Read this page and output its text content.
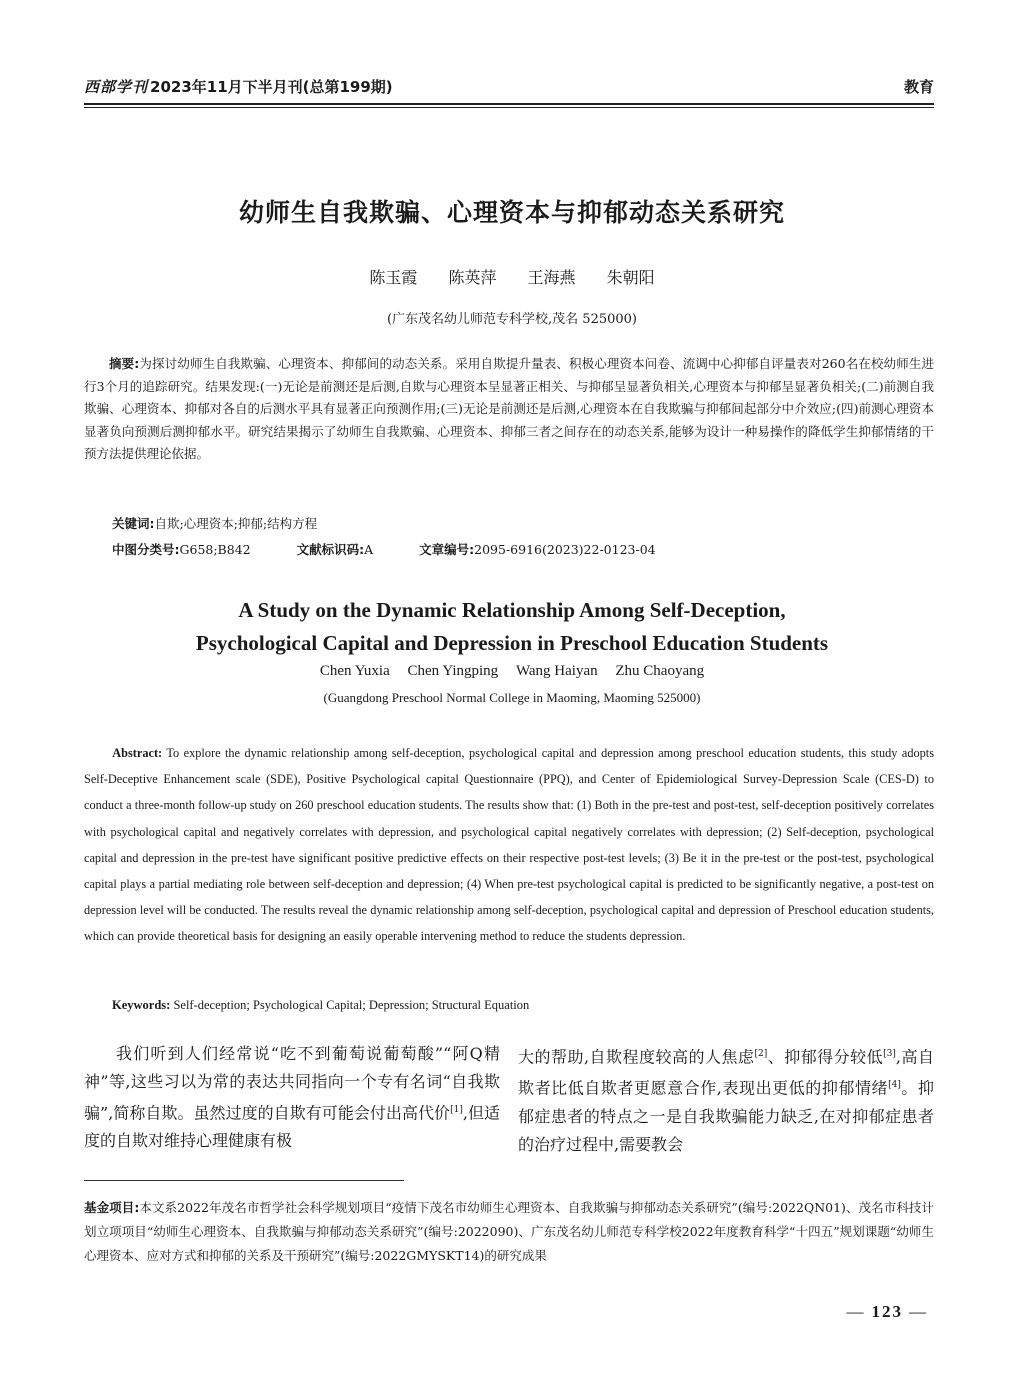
西部学刊 2023年11月下半月刊(总第199期)	教育
幼师生自我欺骗、心理资本与抑郁动态关系研究
陈玉霞 陈英萍 王海燕 朱朝阳
(广东茂名幼儿师范专科学校,茂名 525000)
摘要:为探讨幼师生自我欺骗、心理资本、抑郁间的动态关系。采用自欺提升量表、积极心理资本问卷、流调中心抑郁自评量表对260名在校幼师生进行3个月的追踪研究。结果发现:(一)无论是前测还是后测,自欺与心理资本呈显著正相关、与抑郁呈显著负相关,心理资本与抑郁呈显著负相关;(二)前测自我欺骗、心理资本、抑郁对各自的后测水平具有显著正向预测作用;(三)无论是前测还是后测,心理资本在自我欺骗与抑郁间起部分中介效应;(四)前测心理资本显著负向预测后测抑郁水平。研究结果揭示了幼师生自我欺骗、心理资本、抑郁三者之间存在的动态关系,能够为设计一种易操作的降低学生抑郁情绪的干预方法提供理论依据。
关键词:自欺;心理资本;抑郁;结构方程
中图分类号:G658;B842	文献标识码:A	文章编号:2095-6916(2023)22-0123-04
A Study on the Dynamic Relationship Among Self-Deception,
Psychological Capital and Depression in Preschool Education Students
Chen Yuxia Chen Yingping Wang Haiyan Zhu Chaoyang
(Guangdong Preschool Normal College in Maoming, Maoming 525000)
Abstract: To explore the dynamic relationship among self-deception, psychological capital and depression among preschool education students, this study adopts Self-Deceptive Enhancement scale (SDE), Positive Psychological capital Questionnaire (PPQ), and Center of Epidemiological Survey-Depression Scale (CES-D) to conduct a three-month follow-up study on 260 preschool education students. The results show that: (1) Both in the pre-test and post-test, self-deception positively correlates with psychological capital and negatively correlates with depression, and psychological capital negatively correlates with depression; (2) Self-deception, psychological capital and depression in the pre-test have significant positive predictive effects on their respective post-test levels; (3) Be it in the pre-test or the post-test, psychological capital plays a partial mediating role between self-deception and depression; (4) When pre-test psychological capital is predicted to be significantly negative, a post-test on depression level will be conducted. The results reveal the dynamic relationship among self-deception, psychological capital and depression of Preschool education students, which can provide theoretical basis for designing an easily operable intervening method to reduce the students depression.
Keywords: Self-deception; Psychological Capital; Depression; Structural Equation

我们听到人们经常说“吃不到葡萄说葡萄酸”“阿Q精神”等,这些习以为常的表达共同指向一个专有名词“自我欺骗”,简称自欺。虽然过度的自欺有可能会付出高代价[1],但适度的自欺对维持心理健康有极

大的帮助,自欺程度较高的人焦虑[2]、抑郁得分较低[3],高自欺者比低自欺者更愿意合作,表现出更低的抑郁情绪[4]。抑郁症患者的特点之一是自我欺骗能力缺乏,在对抑郁症患者的治疗过程中,需要教会

基金项目:本文系2022年茂名市哲学社会科学规划项目“疫情下茂名市幼师生心理资本、自我欺骗与抑郁动态关系研究”(编号:2022QN01)、茂名市科技计划立项项目“幼师生心理资本、自我欺骗与抑郁动态关系研究”(编号:2022090)、广东茂名幼儿师范专科学校2022年度教育科学“十四五”规划课题“幼师生心理资本、应对方式和抑郁的关系及干预研究”(编号:2022GMYSKT14)的研究成果
— 123 —
